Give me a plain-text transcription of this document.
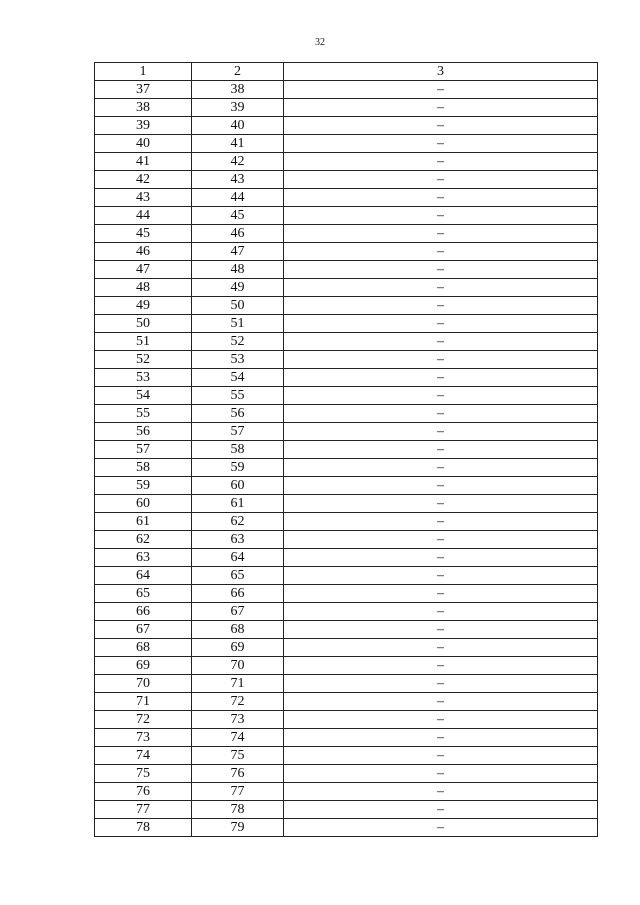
32
1	2	3
37	38	–
38	39	–
39	40	–
40	41	–
41	42	–
42	43	–
43	44	–
44	45	–
45	46	–
46	47	–
47	48	–
48	49	–
49	50	–
50	51	–
51	52	–
52	53	–
53	54	–
54	55	–
55	56	–
56	57	–
57	58	–
58	59	–
59	60	–
60	61	–
61	62	–
62	63	–
63	64	–
64	65	–
65	66	–
66	67	–
67	68	–
68	69	–
69	70	–
70	71	–
71	72	–
72	73	–
73	74	–
74	75	–
75	76	–
76	77	–
77	78	–
78	79	–
